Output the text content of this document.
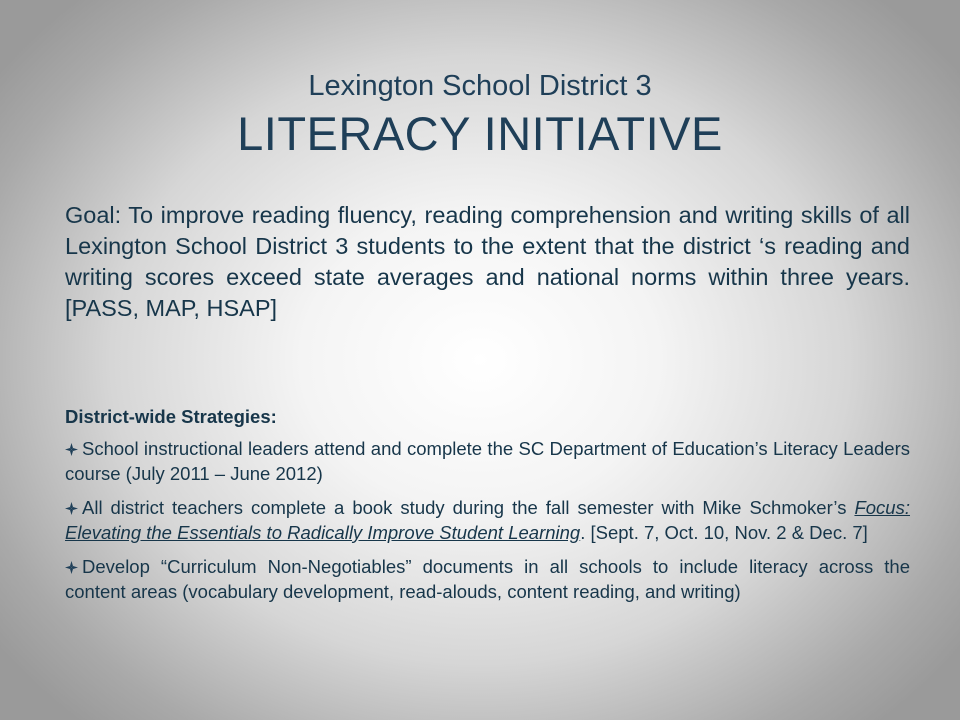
Lexington School District 3
LITERACY INITIATIVE

Goal: To improve reading fluency, reading comprehension and writing skills of all Lexington School District 3 students to the extent that the district ‘s reading and writing scores exceed state averages and national norms within three years. [PASS, MAP, HSAP]

District-wide Strategies:
School instructional leaders attend and complete the SC Department of Education’s Literacy Leaders course (July 2011 – June 2012)
All district teachers complete a book study during the fall semester with Mike Schmoker’s Focus: Elevating the Essentials to Radically Improve Student Learning. [Sept. 7, Oct. 10, Nov. 2 & Dec. 7]
Develop “Curriculum Non-Negotiables” documents in all schools to include literacy across the content areas (vocabulary development, read-alouds, content reading, and writing)
